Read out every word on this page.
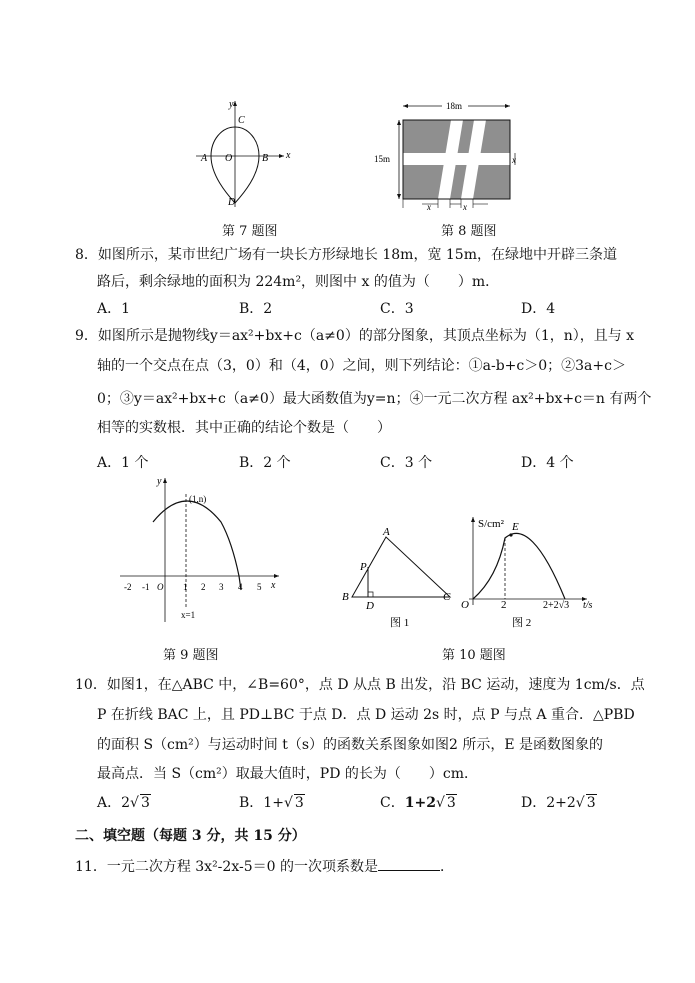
y
x
C
A O	B
D
第 7 题图
18m
15m	x
x	x
第 8 题图
8．如图所示，某市世纪广场有一块长方形绿地长 18m，宽 15m，在绿地中开辟三条道
路后，剩余绿地的面积为 224m²，则图中 x 的值为（　　）m．
A．1	B．2	C．3	D．4
9．如图所示是抛物线y＝ax²+bx+c（a≠0）的部分图象，其顶点坐标为（1，n），且与 x
轴的一个交点在点（3，0）和（4，0）之间，则下列结论：①a-b+c＞0；②3a+c＞
0；③y＝ax²+bx+c（a≠0）最大函数值为y=n；④一元二次方程 ax²+bx+c＝n 有两个
相等的实数根．其中正确的结论个数是（　　）
A．1 个	B．2 个	C．3 个	D．4 个
y
x
(1,n)
x=1
-2 -1 O 1 2 3 4 5
第 9 题图
A
P
B
D
C
图 1
S/cm² E
O	2	2+2√3 t/s
图 2
第 10 题图
10．如图1，在△ABC 中，∠B=60°，点 D 从点 B 出发，沿 BC 运动，速度为 1cm/s．点
P 在折线 BAC 上，且 PD⊥BC 于点 D．点 D 运动 2s 时，点 P 与点 A 重合．△PBD
的面积 S（cm²）与运动时间 t（s）的函数关系图象如图2 所示，E 是函数图象的
最高点．当 S（cm²）取最大值时，PD 的长为（　　）cm．
A．2√ 3	B．1+√ 3	C．1+2√ 3	D．2+2√ 3
二、填空题（每题 3 分，共 15 分）
11．一元二次方程 3x²-2x-5＝0 的一次项系数是	．
